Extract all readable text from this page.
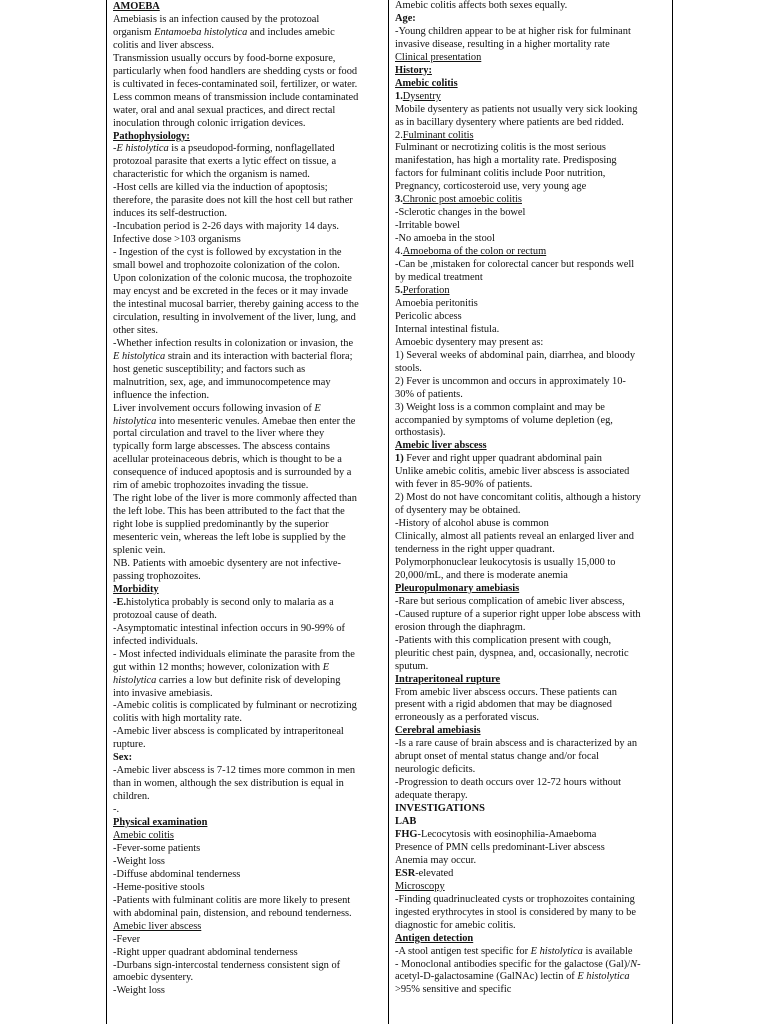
AMOEBA
Amebiasis is an infection caused by the protozoal
organism Entamoeba histolytica and includes amebic
colitis and liver abscess.
Transmission usually occurs by food-borne exposure,
particularly when food handlers are shedding cysts or food
is cultivated in feces-contaminated soil, fertilizer, or water.
Less common means of transmission include contaminated
water, oral and anal sexual practices, and direct rectal
inoculation through colonic irrigation devices.
Pathophysiology:
-E histolytica is a pseudopod-forming, nonflagellated
protozoal parasite that exerts a lytic effect on tissue, a
characteristic for which the organism is named.
-Host cells are killed via the induction of apoptosis;
therefore, the parasite does not kill the host cell but rather
induces its self-destruction.
-Incubation period is 2-26 days with majority 14 days.
Infective dose >103 organisms
- Ingestion of the cyst is followed by excystation in the
small bowel and trophozoite colonization of the colon.
Upon colonization of the colonic mucosa, the trophozoite
may encyst and be excreted in the feces or it may invade
the intestinal mucosal barrier, thereby gaining access to the
circulation, resulting in involvement of the liver, lung, and
other sites.
-Whether infection results in colonization or invasion, the
E histolytica strain and its interaction with bacterial flora;
host genetic susceptibility; and factors such as
malnutrition, sex, age, and immunocompetence may
influence the infection.
Liver involvement occurs following invasion of E
histolytica into mesenteric venules. Amebae then enter the
portal circulation and travel to the liver where they
typically form large abscesses. The abscess contains
acellular proteinaceous debris, which is thought to be a
consequence of induced apoptosis and is surrounded by a
rim of amebic trophozoites invading the tissue.
The right lobe of the liver is more commonly affected than
the left lobe. This has been attributed to the fact that the
right lobe is supplied predominantly by the superior
mesenteric vein, whereas the left lobe is supplied by the
splenic vein.
NB. Patients with amoebic dysentery are not infective-
passing trophozoites.
Morbidity
-E.histolytica probably is second only to malaria as a
protozoal cause of death.
-Asymptomatic intestinal infection occurs in 90-99% of
infected individuals.
- Most infected individuals eliminate the parasite from the
gut within 12 months; however, colonization with E
histolytica carries a low but definite risk of developing
into invasive amebiasis.
-Amebic colitis is complicated by fulminant or necrotizing
colitis with high mortality rate.
-Amebic liver abscess is complicated by intraperitoneal
rupture.
Sex:
-Amebic liver abscess is 7-12 times more common in men
than in women, although the sex distribution is equal in
children.
-.
Physical examination
Amebic colitis
-Fever-some patients
-Weight loss
-Diffuse abdominal tenderness
-Heme-positive stools
-Patients with fulminant colitis are more likely to present
with abdominal pain, distension, and rebound tenderness.
Amebic liver abscess
-Fever
-Right upper quadrant abdominal tenderness
-Durbans sign-intercostal tenderness consistent sign of
amoebic dysentery.
-Weight loss
Amebic colitis affects both sexes equally.
Age:
-Young children appear to be at higher risk for fulminant
invasive disease, resulting in a higher mortality rate
Clinical presentation
History:
Amebic colitis
1.Dysentry
Mobile dysentery as patients not usually very sick looking
as in bacillary dysentery where patients are bed ridded.
2.Fulminant colitis
Fulminant or necrotizing colitis is the most serious
manifestation, has high a mortality rate. Predisposing
factors for fulminant colitis include Poor nutrition,
Pregnancy, corticosteroid use, very young age
3.Chronic post amoebic colitis
-Sclerotic changes in the bowel
-Irritable bowel
-No amoeba in the stool
4.Amoeboma of the colon or rectum
-Can be ,mistaken for colorectal cancer but responds well
by medical treatment
5.Perforation
Amoebia peritonitis
Pericolic abcess
Internal intestinal fistula.
Amoebic dysentery may present as:
1) Several weeks of abdominal pain, diarrhea, and bloody
stools.
2) Fever is uncommon and occurs in approximately 10-
30% of patients.
3) Weight loss is a common complaint and may be
accompanied by symptoms of volume depletion (eg,
orthostasis).
Amebic liver abscess
1) Fever and right upper quadrant abdominal pain
Unlike amebic colitis, amebic liver abscess is associated
with fever in 85-90% of patients.
2) Most do not have concomitant colitis, although a history
of dysentery may be obtained.
-History of alcohol abuse is common
Clinically, almost all patients reveal an enlarged liver and
tenderness in the right upper quadrant.
Polymorphonuclear leukocytosis is usually 15,000 to
20,000/mL, and there is moderate anemia
Pleuropulmonary amebiasis
-Rare but serious complication of amebic liver abscess,
-Caused rupture of a superior right upper lobe abscess with
erosion through the diaphragm.
-Patients with this complication present with cough,
pleuritic chest pain, dyspnea, and, occasionally, necrotic
sputum.
Intraperitoneal rupture
From amebic liver abscess occurs. These patients can
present with a rigid abdomen that may be diagnosed
erroneously as a perforated viscus.
Cerebral amebiasis
-Is a rare cause of brain abscess and is characterized by an
abrupt onset of mental status change and/or focal
neurologic deficits.
-Progression to death occurs over 12-72 hours without
adequate therapy.
INVESTIGATIONS
LAB
FHG-Lecocytosis with eosinophilia-Amaeboma
Presence of PMN cells predominant-Liver abscess
Anemia may occur.
ESR-elevated
Microscopy
-Finding quadrinucleated cysts or trophozoites containing
ingested erythrocytes in stool is considered by many to be
diagnostic for amebic colitis.
Antigen detection
-A stool antigen test specific for E histolytica is available
- Monoclonal antibodies specific for the galactose (Gal)/N-
acetyl-D-galactosamine (GalNAc) lectin of E histolytica
>95% sensitive and specific
